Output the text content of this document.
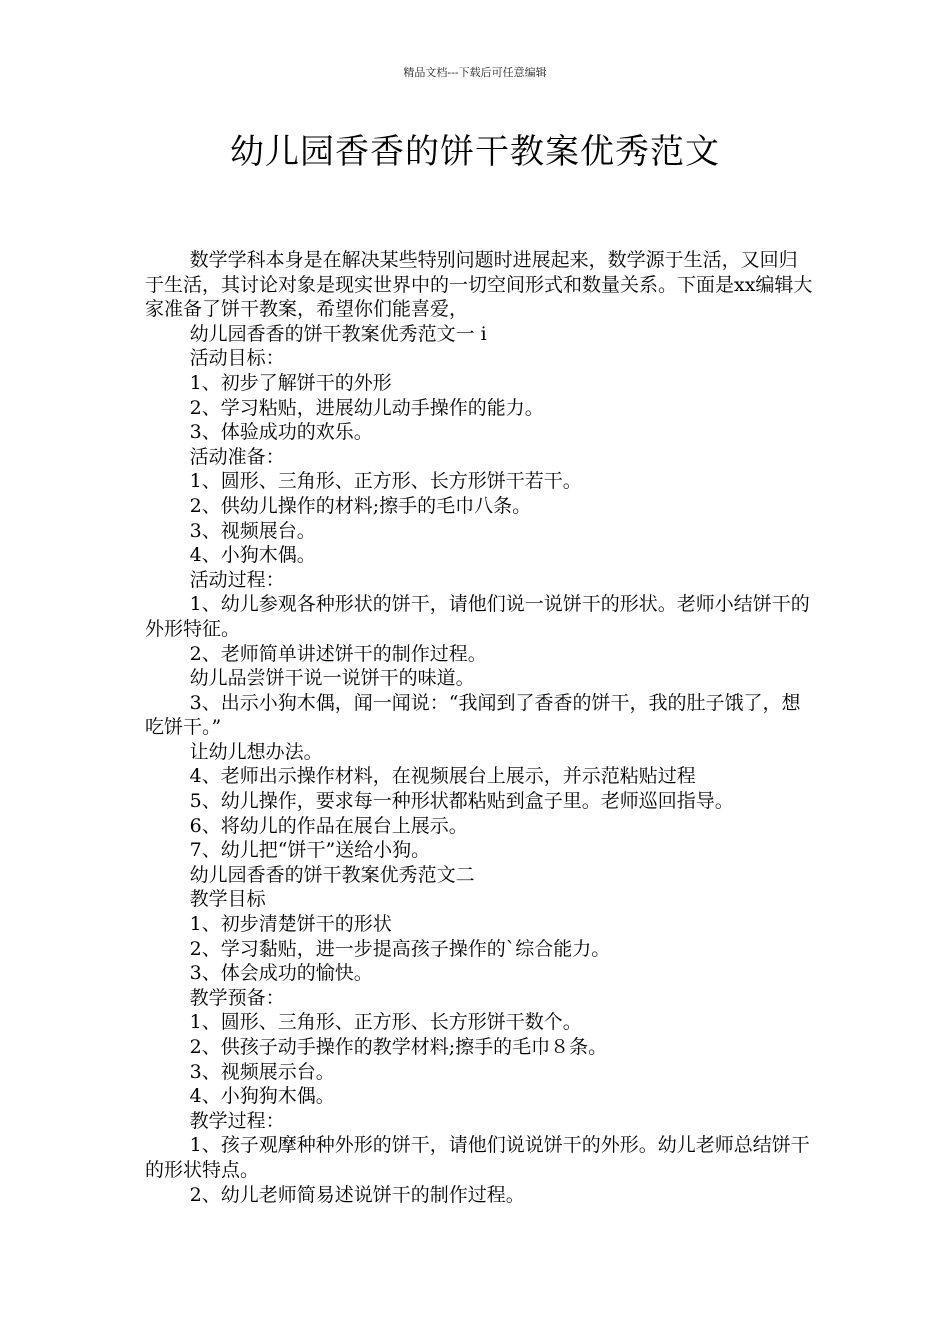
精品文档---下载后可任意编辑
幼儿园香香的饼干教案优秀范文

数学学科本身是在解决某些特别问题时进展起来，数学源于生活，又回归于生活，其讨论对象是现实世界中的一切空间形式和数量关系。下面是xx编辑大家准备了饼干教案，希望你们能喜爱，

幼儿园香香的饼干教案优秀范文一 i

活动目标：

1、初步了解饼干的外形

2、学习粘贴，进展幼儿动手操作的能力。

3、体验成功的欢乐。

活动准备：

1、圆形、三角形、正方形、长方形饼干若干。

2、供幼儿操作的材料;擦手的毛巾八条。

3、视频展台。

4、小狗木偶。

活动过程：

1、幼儿参观各种形状的饼干，请他们说一说饼干的形状。老师小结饼干的外形特征。

2、老师简单讲述饼干的制作过程。

幼儿品尝饼干说一说饼干的味道。

3、出示小狗木偶，闻一闻说：“我闻到了香香的饼干，我的肚子饿了，想吃饼干。”

让幼儿想办法。

4、老师出示操作材料，在视频展台上展示，并示范粘贴过程

5、幼儿操作，要求每一种形状都粘贴到盒子里。老师巡回指导。

6、将幼儿的作品在展台上展示。

7、幼儿把“饼干”送给小狗。

幼儿园香香的饼干教案优秀范文二

教学目标

1、初步清楚饼干的形状

2、学习黏贴，进一步提高孩子操作的`综合能力。

3、体会成功的愉快。

教学预备：

1、圆形、三角形、正方形、长方形饼干数个。

2、供孩子动手操作的教学材料;擦手的毛巾８条。

3、视频展示台。

4、小狗狗木偶。

教学过程：

1、孩子观摩种种外形的饼干，请他们说说饼干的外形。幼儿老师总结饼干的形状特点。

2、幼儿老师简易述说饼干的制作过程。
